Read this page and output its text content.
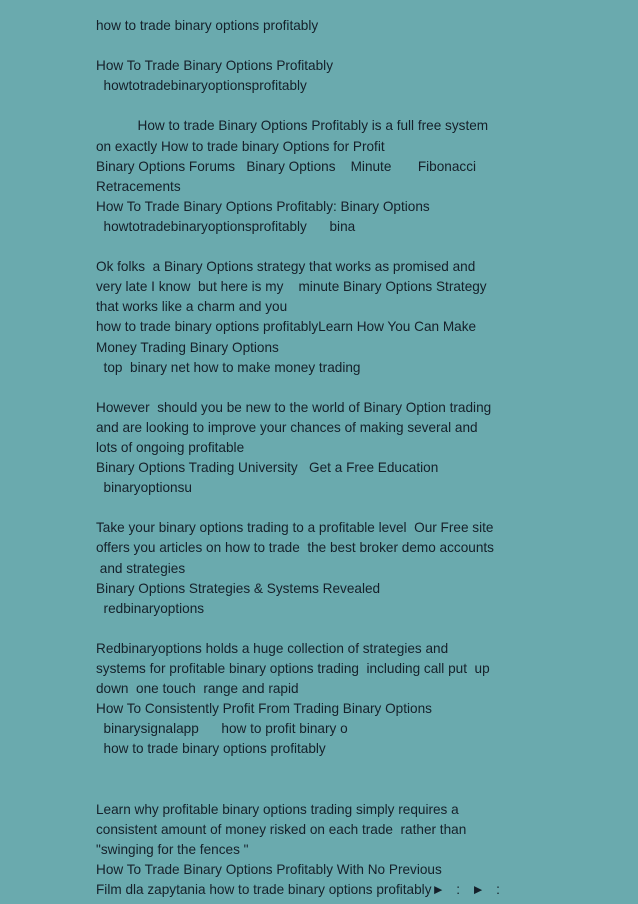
how to trade binary options profitably
How To Trade Binary Options Profitably
howtotradebinaryoptionsprofitably
How to trade Binary Options Profitably is a full free system
on exactly How to trade binary Options for Profit
Binary Options Forums   Binary Options    Minute       Fibonacci
Retracements
How To Trade Binary Options Profitably: Binary Options
howtotradebinaryoptionsprofitably      bina
Ok folks  a Binary Options strategy that works as promised and
very late I know  but here is my    minute Binary Options Strategy
that works like a charm and you
how to trade binary options profitablyLearn How You Can Make
Money Trading Binary Options
top  binary net how to make money trading
However  should you be new to the world of Binary Option trading
and are looking to improve your chances of making several and
lots of ongoing profitable
Binary Options Trading University   Get a Free Education
binaryoptionsu
Take your binary options trading to a profitable level  Our Free site
offers you articles on how to trade  the best broker demo accounts
and strategies
Binary Options Strategies & Systems Revealed
redbinaryoptions
Redbinaryoptions holds a huge collection of strategies and
systems for profitable binary options trading  including call put  up
down  one touch  range and rapid
How To Consistently Profit From Trading Binary Options
binarysignalapp      how to profit binary o
how to trade binary options profitably
Learn why profitable binary options trading simply requires a
consistent amount of money risked on each trade  rather than
"swinging for the fences "
How To Trade Binary Options Profitably With No Previous
Film dla zapytania how to trade binary options profitably►   :   ►   :
